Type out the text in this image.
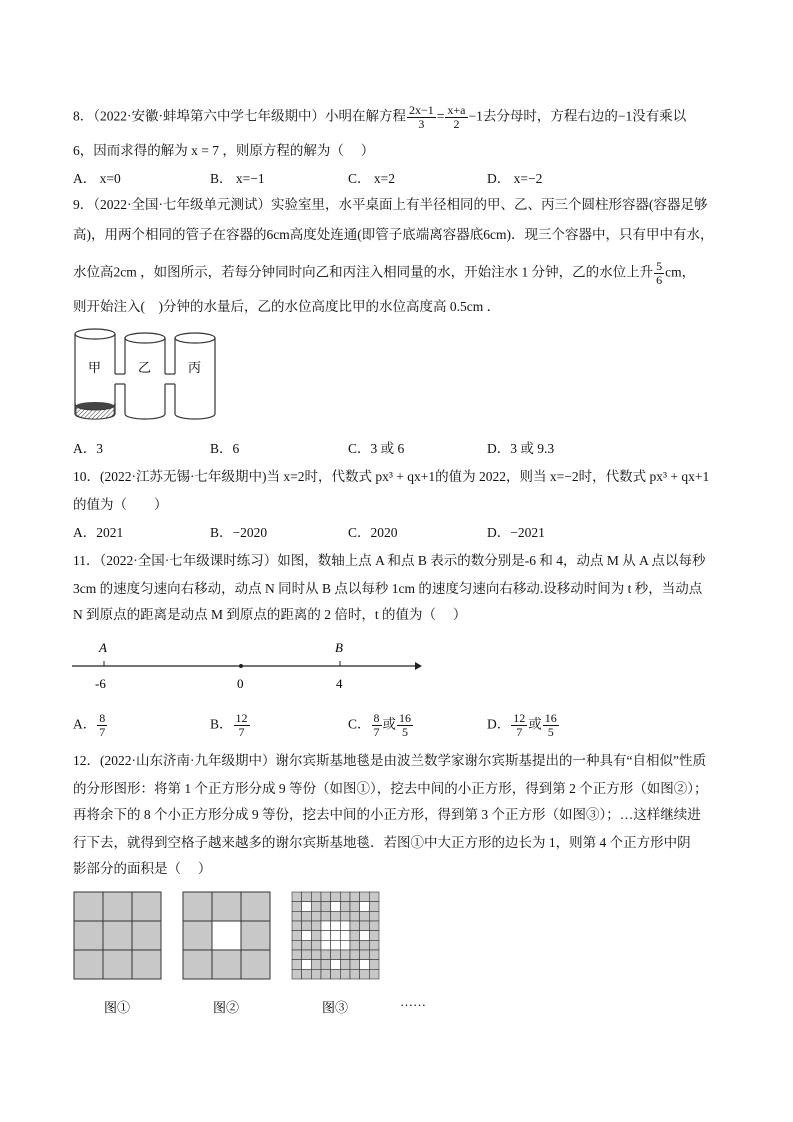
8．（2022·安徽·蚌埠第六中学七年级期中）小明在解方程 $\frac{2x-1}{3} = \frac{x+a}{2} -1$去分母时，方程右边的−1没有乘以
6，因而求得的解为 x = 7 ，则原方程的解为（　 ）
A． x=0	B． x=−1	C． x=2	D． x=−2
9．（2022·全国·七年级单元测试）实验室里，水平桌面上有半径相同的甲、乙、丙三个圆柱形容器(容器足够
高)，用两个相同的管子在容器的6cm高度处连通(即管子底端离容器底6cm)．现三个容器中，只有甲中有水，
水位高2cm ，如图所示，若每分钟同时向乙和丙注入相同量的水，开始注水 1 分钟，乙的水位上升 $\frac{5}{6}$ cm，
则开始注入(　)分钟的水量后，乙的水位高度比甲的水位高度高 0.5cm ．
甲	乙	丙
A．3	B．6	C．3 或 6	D．3 或 9.3
10．(2022·江苏无锡·七年级期中)当 x=2时，代数式 px³ + qx+1的值为 2022，则当 x=−2时，代数式 px³ + qx+1
的值为（　　）
A．2021	B．−2020	C．2020	D．−2021
11．（2022·全国·七年级课时练习）如图，数轴上点 A 和点 B 表示的数分别是-6 和 4，动点 M 从 A 点以每秒
3cm 的速度匀速向右移动，动点 N 同时从 B 点以每秒 1cm 的速度匀速向右移动.设移动时间为 t 秒，当动点
N 到原点的距离是动点 M 到原点的距离的 2 倍时，t 的值为（　 ）
A	B
-6	0	4
A． $\frac{8}{7}$	B． $\frac{12}{7}$	C． $\frac{8}{7}$ 或 $\frac{16}{5}$	D． $\frac{12}{7}$ 或 $\frac{16}{5}$
12．(2022·山东济南·九年级期中）谢尔宾斯基地毯是由波兰数学家谢尔宾斯基提出的一种具有“自相似”性质
的分形图形：将第 1 个正方形分成 9 等份（如图①），挖去中间的小正方形，得到第 2 个正方形（如图②）；
再将余下的 8 个小正方形分成 9 等份，挖去中间的小正方形，得到第 3 个正方形（如图③）；…这样继续进
行下去，就得到空格子越来越多的谢尔宾斯基地毯．若图①中大正方形的边长为 1，则第 4 个正方形中阴
影部分的面积是（　 ）
图①	图②	图③	……
